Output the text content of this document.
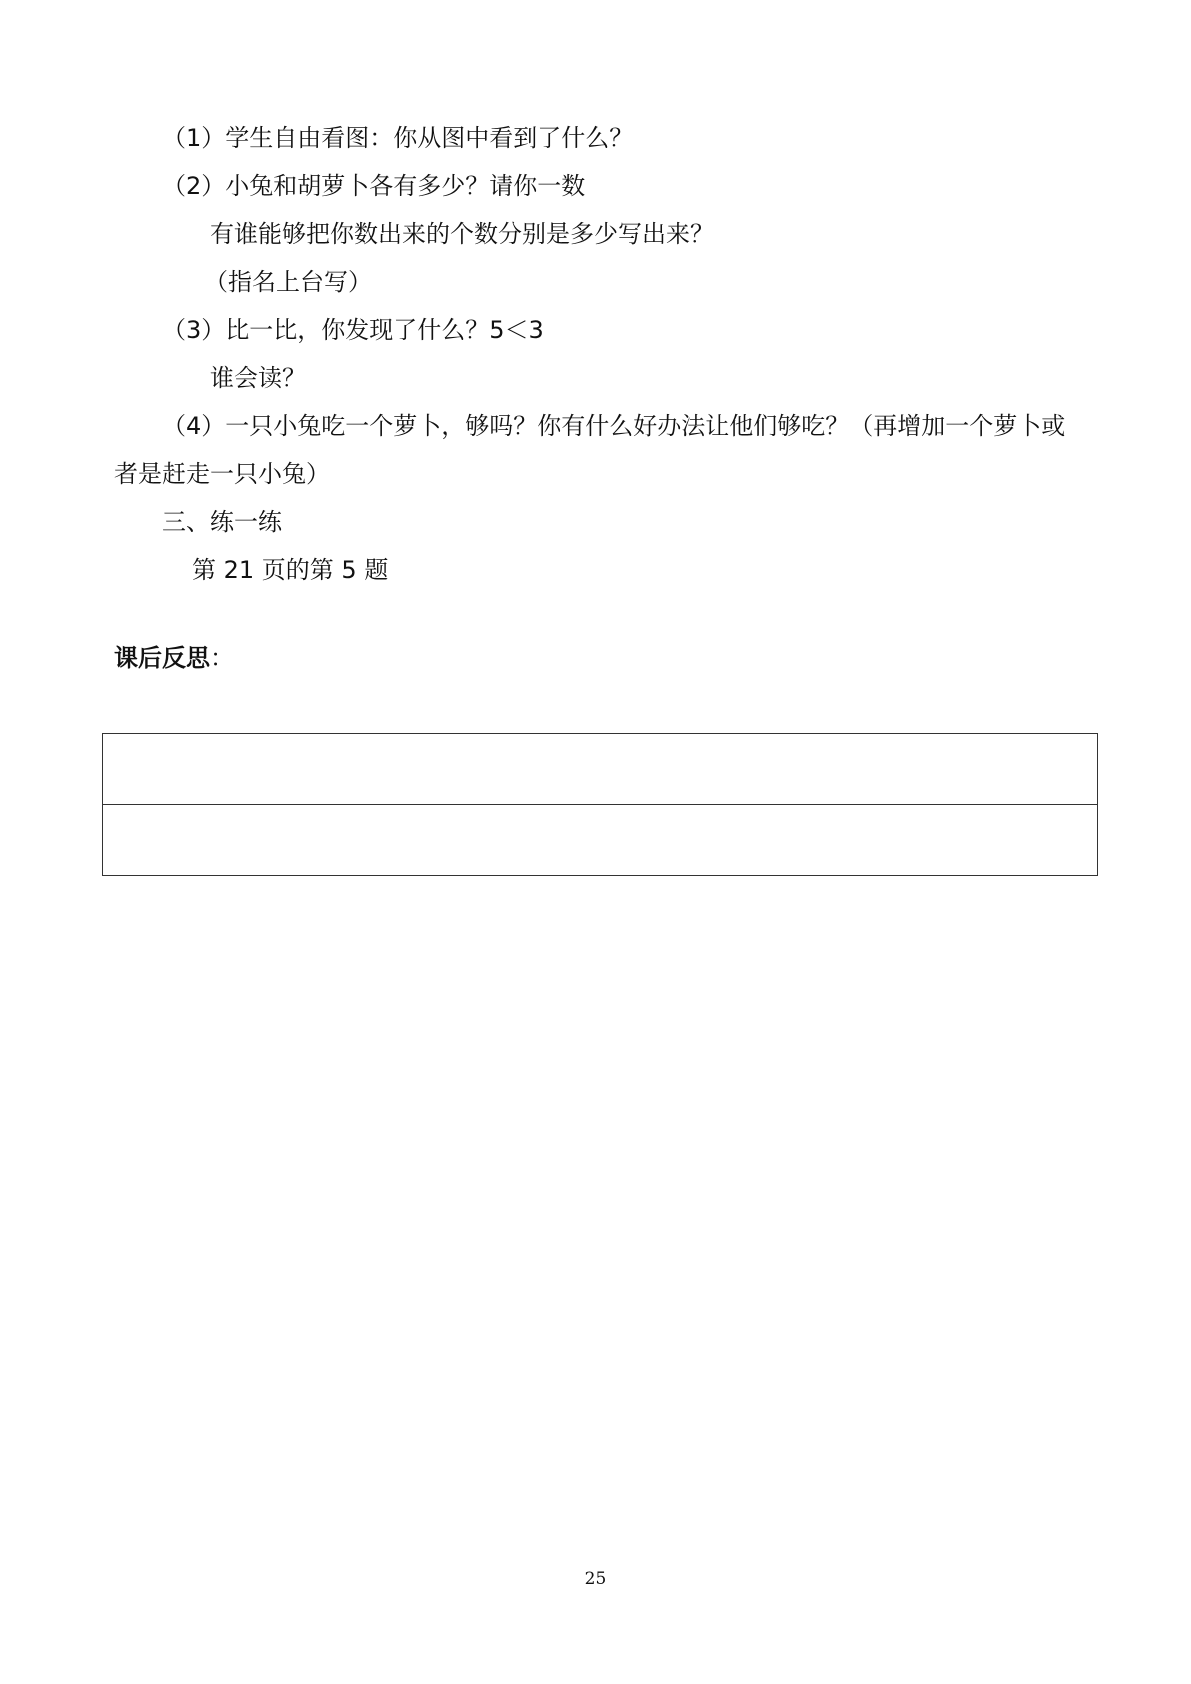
（1）学生自由看图：你从图中看到了什么？
（2）小兔和胡萝卜各有多少？请你一数
有谁能够把你数出来的个数分别是多少写出来？
（指名上台写）
（3）比一比，你发现了什么？5＜3
谁会读？
（4）一只小兔吃一个萝卜，够吗？你有什么好办法让他们够吃？（再增加一个萝卜或
者是赶走一只小兔）
三、练一练
第 21 页的第 5 题
课后反思：

25
